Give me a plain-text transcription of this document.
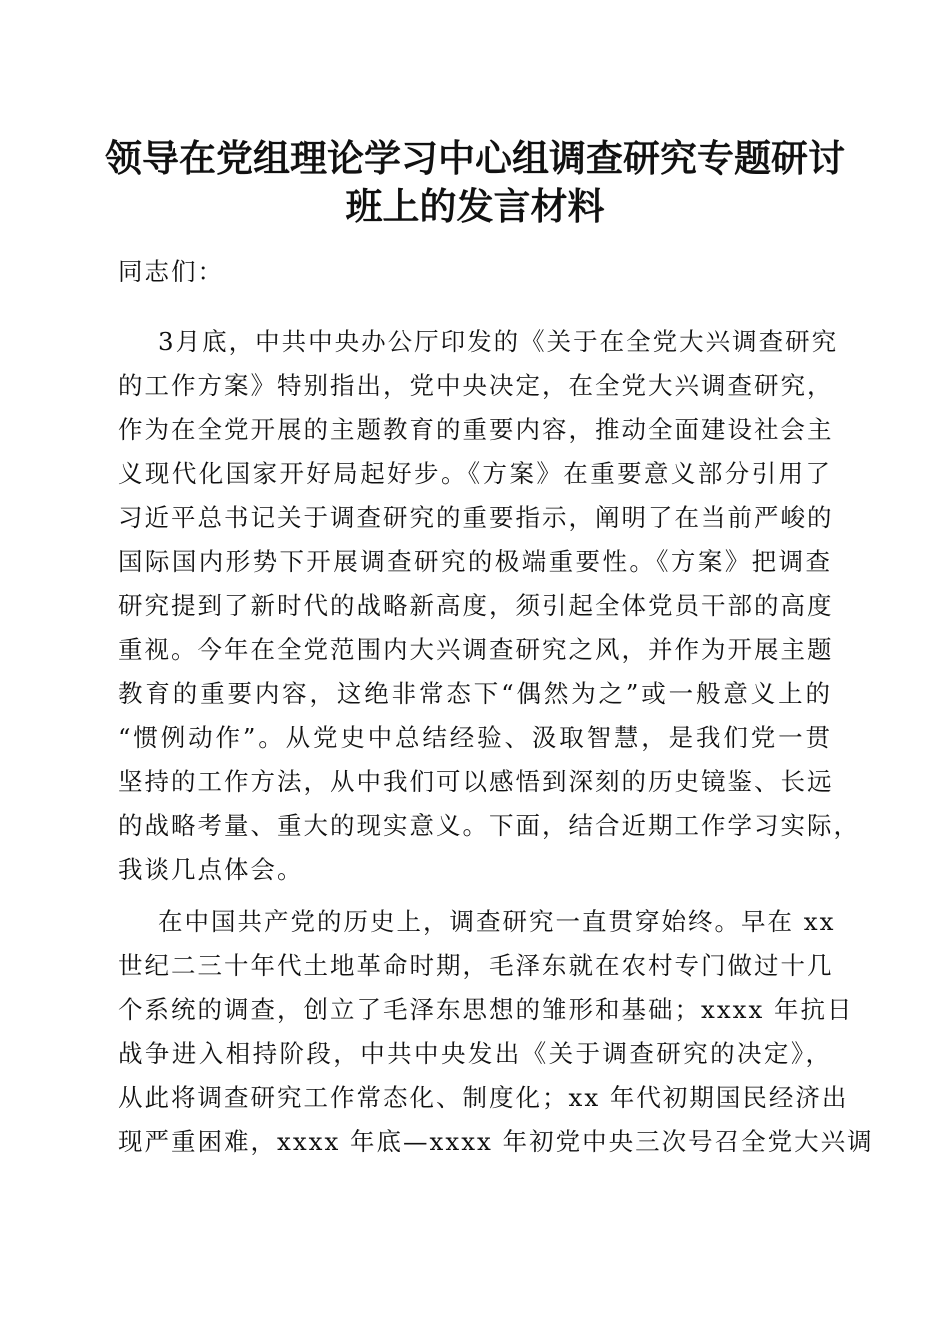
领导在党组理论学习中心组调查研究专题研讨
班上的发言材料

同志们：

3月底，中共中央办公厅印发的《关于在全党大兴调查研究

的工作方案》特别指出，党中央决定，在全党大兴调查研究，

作为在全党开展的主题教育的重要内容，推动全面建设社会主

义现代化国家开好局起好步。《方案》在重要意义部分引用了

习近平总书记关于调查研究的重要指示，阐明了在当前严峻的

国际国内形势下开展调查研究的极端重要性。《方案》把调查

研究提到了新时代的战略新高度，须引起全体党员干部的高度

重视。今年在全党范围内大兴调查研究之风，并作为开展主题

教育的重要内容，这绝非常态下“偶然为之”或一般意义上的

“惯例动作”。从党史中总结经验、汲取智慧，是我们党一贯

坚持的工作方法，从中我们可以感悟到深刻的历史镜鉴、长远

的战略考量、重大的现实意义。下面，结合近期工作学习实际，

我谈几点体会。

在中国共产党的历史上，调查研究一直贯穿始终。早在 xx

世纪二三十年代土地革命时期，毛泽东就在农村专门做过十几

个系统的调查，创立了毛泽东思想的雏形和基础；xxxx 年抗日

战争进入相持阶段，中共中央发出《关于调查研究的决定》，

从此将调查研究工作常态化、制度化；xx 年代初期国民经济出

现严重困难，xxxx 年底—xxxx 年初党中央三次号召全党大兴调
